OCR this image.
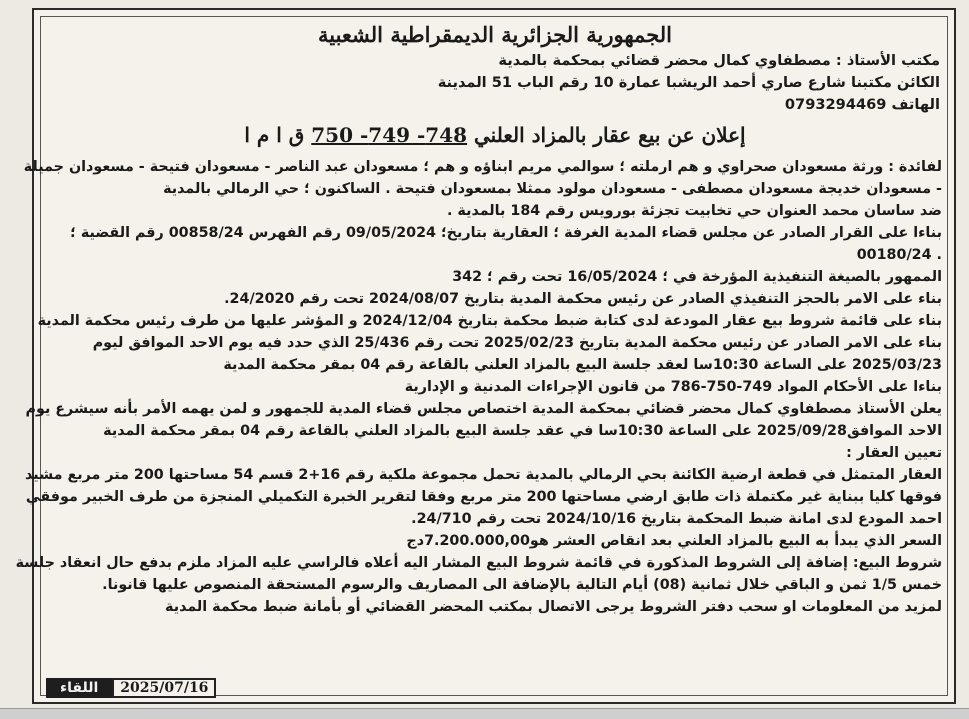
الجمهورية الجزائرية الديمقراطية الشعبية

مكتب الأستاذ : مصطفاوي كمال محضر قضائي بمحكمة بالمدية

الكائن مكتبنا شارع صاري أحمد الريشبا عمارة 10 رقم الباب 51 المدينة

الهاتف 0793294469

إعلان عن بيع عقار بالمزاد العلني 748- 749- 750 ق ا م ا

لفائدة : ورثة مسعودان صحراوي و هم ارملته ؛ سوالمي مريم ابناؤه و هم ؛ مسعودان عبد الناصر - مسعودان فتيحة - مسعودان جميلة
- مسعودان خديجة مسعودان مصطفى - مسعودان مولود ممثلا بمسعودان فتيحة . الساكنون ؛ حي الرمالي بالمدية
ضد ساسان محمد العنوان حي تخابيت تجزئة بورويس رقم 184 بالمدية .
بناءا على القرار الصادر عن مجلس قضاء المدية الغرفة ؛ العقارية بتاريخ؛ 09/05/2024 رقم الفهرس 00858/24 رقم القضية ؛
. 00180/24
الممهور بالصيغة التنفيذية المؤرخة في ؛ 16/05/2024 تحت رقم ؛ 342
بناء على الامر بالحجز التنفيذي الصادر عن رئيس محكمة المدية بتاريخ 2024/08/07 تحت رقم 24/2020.
بناء على قائمة شروط بيع عقار المودعة لدى كتابة ضبط محكمة بتاريخ 2024/12/04 و المؤشر عليها من طرف رئيس محكمة المدية
بناء على الامر الصادر عن رئيس محكمة المدية بتاريخ 2025/02/23 تحت رقم 25/436 الذي حدد فيه يوم الاحد الموافق ليوم
2025/03/23 على الساعة 10:30سا لعقد جلسة البيع بالمزاد العلني بالقاعة رقم 04 بمقر محكمة المدية
بناءا على الأحكام المواد 749-750-786 من قانون الإجراءات المدنية و الإدارية
يعلن الأستاذ مصطفاوي كمال محضر قضائي بمحكمة المدية اختصاص مجلس قضاء المدية للجمهور و لمن يهمه الأمر بأنه سيشرع يوم
الاحد الموافق2025/09/28 على الساعة 10:30سا في عقد جلسة البيع بالمزاد العلني بالقاعة رقم 04 بمقر محكمة المدية
تعيين العقار :
العقار المتمثل في قطعة ارضية الكائنة بحي الرمالي بالمدية تحمل مجموعة ملكية رقم 16+2 قسم 54 مساحتها 200 متر مربع مشيد
فوقها كليا ببناية غير مكتملة ذات طابق ارضي مساحتها 200 متر مربع وفقا لتقرير الخبرة التكميلي المنجزة من طرف الخبير موفقي
احمد المودع لدى امانة ضبط المحكمة بتاريخ 2024/10/16 تحت رقم 24/710.
السعر الذي يبدأ به البيع بالمزاد العلني بعد انقاص العشر هو7.200.000,00دج
شروط البيع: إضافة إلى الشروط المذكورة في قائمة شروط البيع المشار اليه أعلاه فالراسي عليه المزاد ملزم بدفع حال انعقاد جلسة
خمس 1/5 ثمن و الباقي خلال ثمانية (08) أيام التالية بالإضافة الى المصاريف والرسوم المستحقة المنصوص عليها قانونا.
لمزيد من المعلومات او سحب دفتر الشروط يرجى الاتصال بمكتب المحضر القضائي أو بأمانة ضبط محكمة المدية
2025/07/16
اللقاء
